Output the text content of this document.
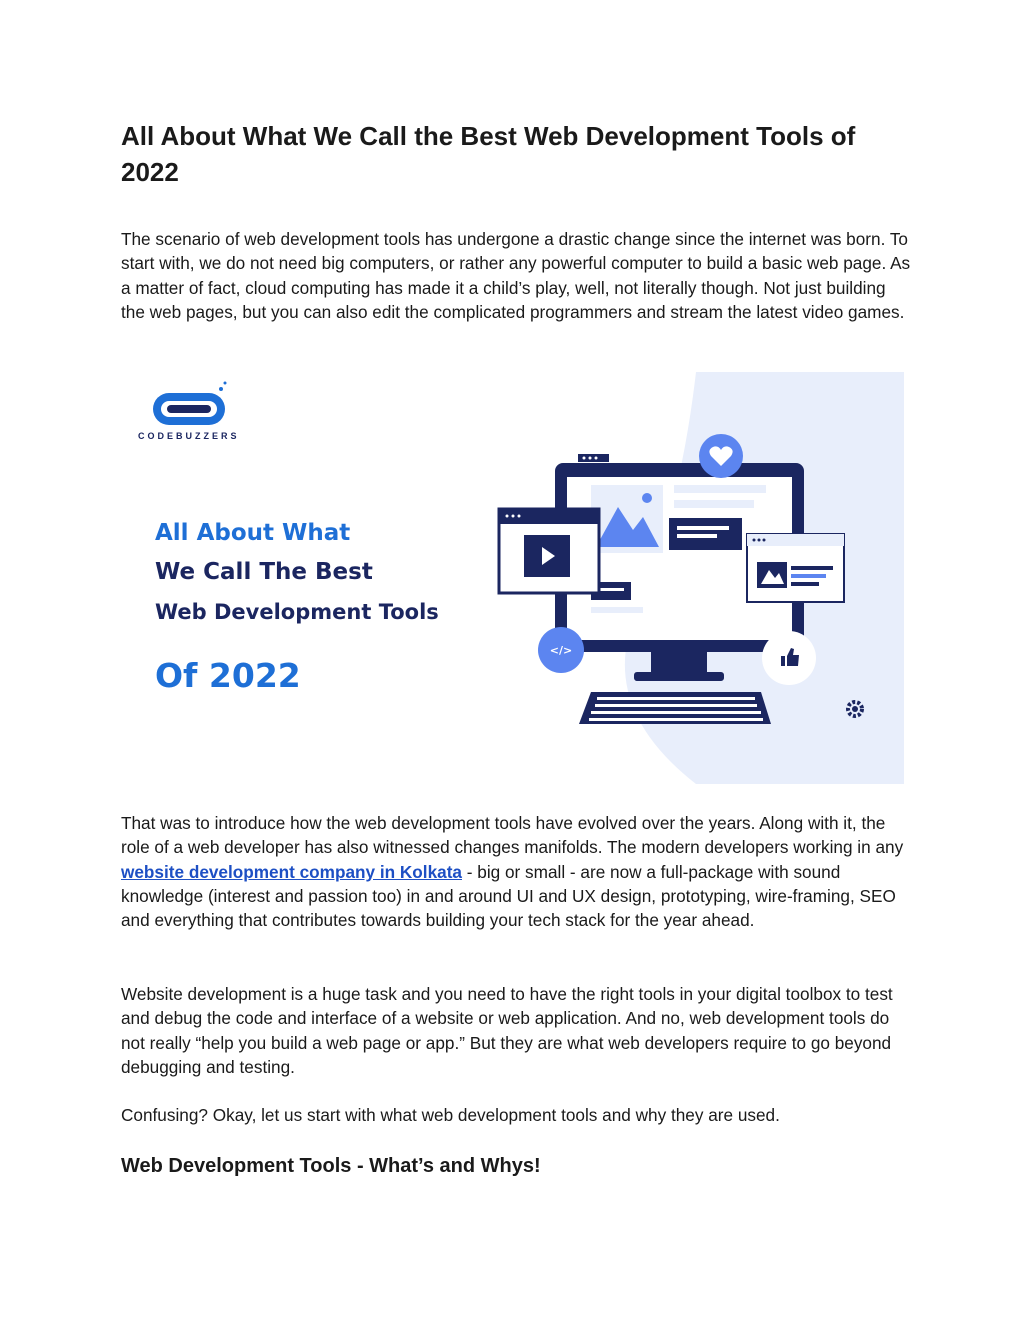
All About What We Call the Best Web Development Tools of 2022

The scenario of web development tools has undergone a drastic change since the internet was born. To start with, we do not need big computers, or rather any powerful computer to build a basic web page. As a matter of fact, cloud computing has made it a child’s play, well, not literally though. Not just building the web pages, but you can also edit the complicated programmers and stream the latest video games.

That was to introduce how the web development tools have evolved over the years. Along with it, the role of a web developer has also witnessed changes manifolds. The modern developers working in any website development company in Kolkata - big or small - are now a full-package with sound knowledge (interest and passion too) in and around UI and UX design, prototyping, wire-framing, SEO and everything that contributes towards building your tech stack for the year ahead.

Website development is a huge task and you need to have the right tools in your digital toolbox to test and debug the code and interface of a website or web application. And no, web development tools do not really “help you build a web page or app.” But they are what web developers require to go beyond debugging and testing.

Confusing? Okay, let us start with what web development tools and why they are used.

Web Development Tools - What’s and Whys!
</>
CODEBUZZERS
All About What
We Call The Best
Web Development Tools
Of 2022
